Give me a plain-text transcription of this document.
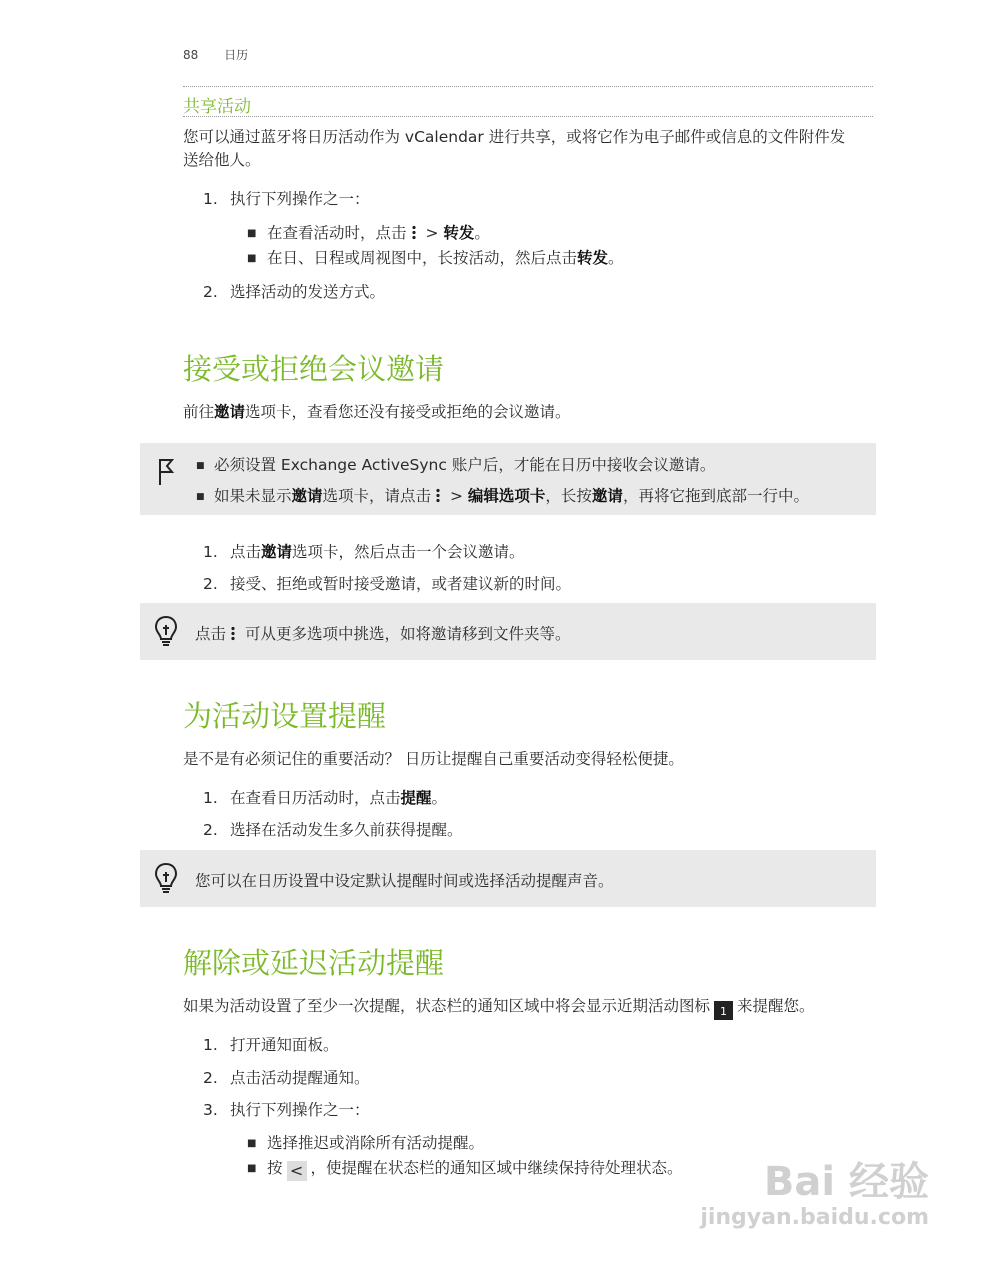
88 日历
共享活动
您可以通过蓝牙将日历活动作为 vCalendar 进行共享，或将它作为电子邮件或信息的文件附件发
送给他人。
1. 执行下列操作之一：
■ 在查看活动时，点击 > 转发。
■ 在日、日程或周视图中，长按活动，然后点击转发。
2. 选择活动的发送方式。
接受或拒绝会议邀请
前往邀请选项卡，查看您还没有接受或拒绝的会议邀请。
■ 必须设置 Exchange ActiveSync 账户后，才能在日历中接收会议邀请。
■ 如果未显示邀请选项卡，请点击 > 编辑选项卡，长按邀请，再将它拖到底部一行中。
1. 点击邀请选项卡，然后点击一个会议邀请。
2. 接受、拒绝或暂时接受邀请，或者建议新的时间。
点击 可从更多选项中挑选，如将邀请移到文件夹等。
为活动设置提醒
是不是有必须记住的重要活动？ 日历让提醒自己重要活动变得轻松便捷。
1. 在查看日历活动时，点击提醒。
2. 选择在活动发生多久前获得提醒。
您可以在日历设置中设定默认提醒时间或选择活动提醒声音。
解除或延迟活动提醒
如果为活动设置了至少一次提醒，状态栏的通知区域中将会显示近期活动图标 1 来提醒您。
1. 打开通知面板。
2. 点击活动提醒通知。
3. 执行下列操作之一：
■ 选择推迟或消除所有活动提醒。
■ 按 < ，使提醒在状态栏的通知区域中继续保持待处理状态。 Bai 经验
jingyan.baidu.com
